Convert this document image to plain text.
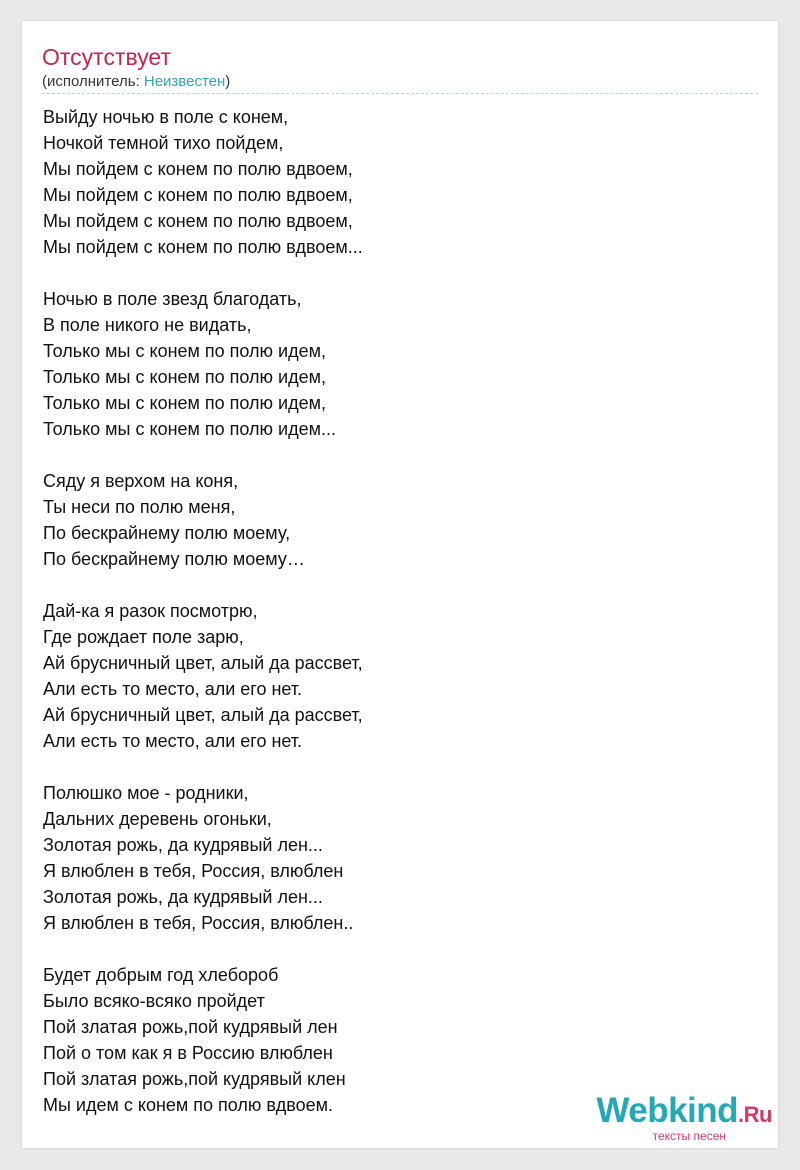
Отсутствует
(исполнитель: Неизвестен)
Выйду ночью в поле с конем,
Ночкой темной тихо пойдем,
Мы пойдем с конем по полю вдвоем,
Мы пойдем с конем по полю вдвоем,
Мы пойдем с конем по полю вдвоем,
Мы пойдем с конем по полю вдвоем...
Ночью в поле звезд благодать,
В поле никого не видать,
Только мы с конем по полю идем,
Только мы с конем по полю идем,
Только мы с конем по полю идем,
Только мы с конем по полю идем...
Сяду я верхом на коня,
Ты неси по полю меня,
По бескрайнему полю моему,
По бескрайнему полю моему…
Дай-ка я разок посмотрю,
Где рождает поле зарю,
Ай брусничный цвет, алый да рассвет,
Али есть то место, али его нет.
Ай брусничный цвет, алый да рассвет,
Али есть то место, али его нет.
Полюшко мое - родники,
Дальних деревень огоньки,
Золотая рожь, да кудрявый лен...
Я влюблен в тебя, Россия, влюблен
Золотая рожь, да кудрявый лен...
Я влюблен в тебя, Россия, влюблен..
Будет добрым год хлебороб
Было всяко-всяко пройдет
Пой златая рожь,пой кудрявый лен
Пой о том как я в Россию влюблен
Пой златая рожь,пой кудрявый клен
Мы идем с конем по полю вдвоем.	Webkind.Ru
тексты песен
